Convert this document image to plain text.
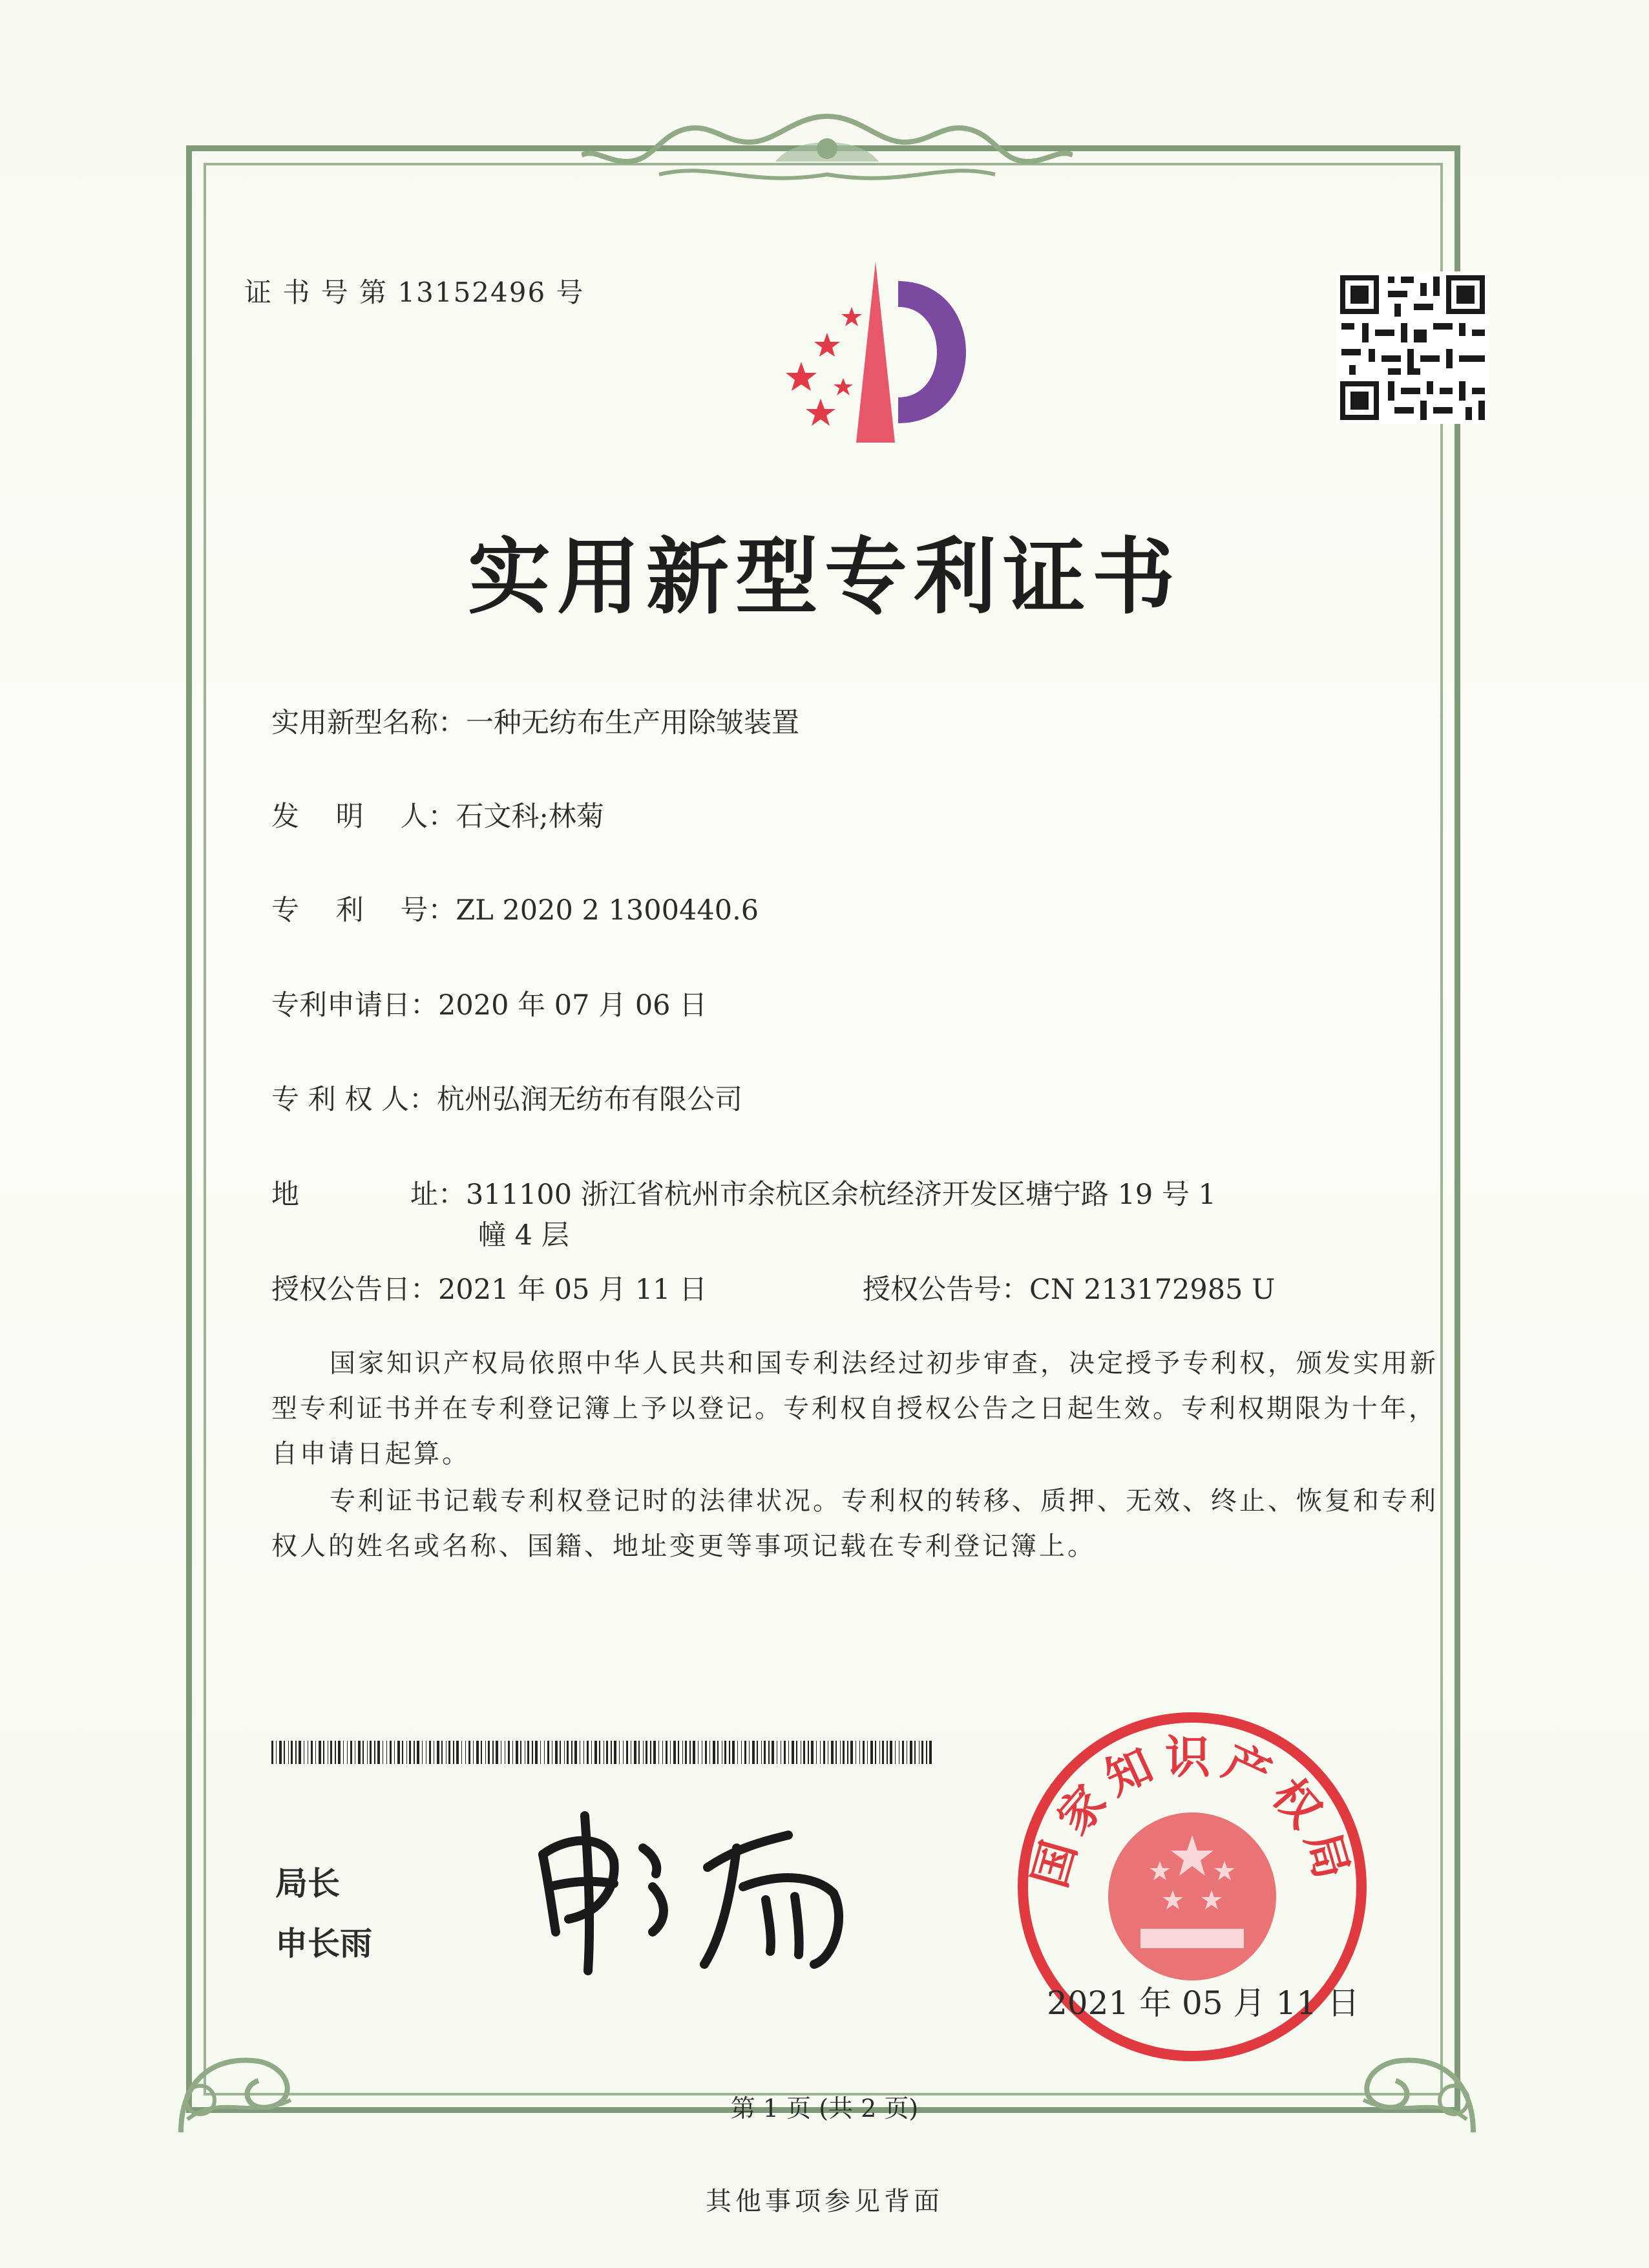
证 书 号 第 13152496 号
实用新型专利证书
实用新型名称：一种无纺布生产用除皱装置
发　 明　 人：石文科;林菊
专　 利　 号：ZL 2020 2 1300440.6
专利申请日：2020 年 07 月 06 日
专 利 权 人：杭州弘润无纺布有限公司
地　　　　址：311100 浙江省杭州市余杭区余杭经济开发区塘宁路 19 号 1
幢 4 层
授权公告日：2021 年 05 月 11 日	授权公告号：CN 213172985 U
国家知识产权局依照中华人民共和国专利法经过初步审查，决定授予专利权，颁发实用新型专利证书并在专利登记簿上予以登记。专利权自授权公告之日起生效。专利权期限为十年，自申请日起算。
专利证书记载专利权登记时的法律状况。专利权的转移、质押、无效、终止、恢复和专利权人的姓名或名称、国籍、地址变更等事项记载在专利登记簿上。
局长
申长雨
国家知识产权局
2021 年 05 月 11 日
第 1 页 (共 2 页)
其他事项参见背面
